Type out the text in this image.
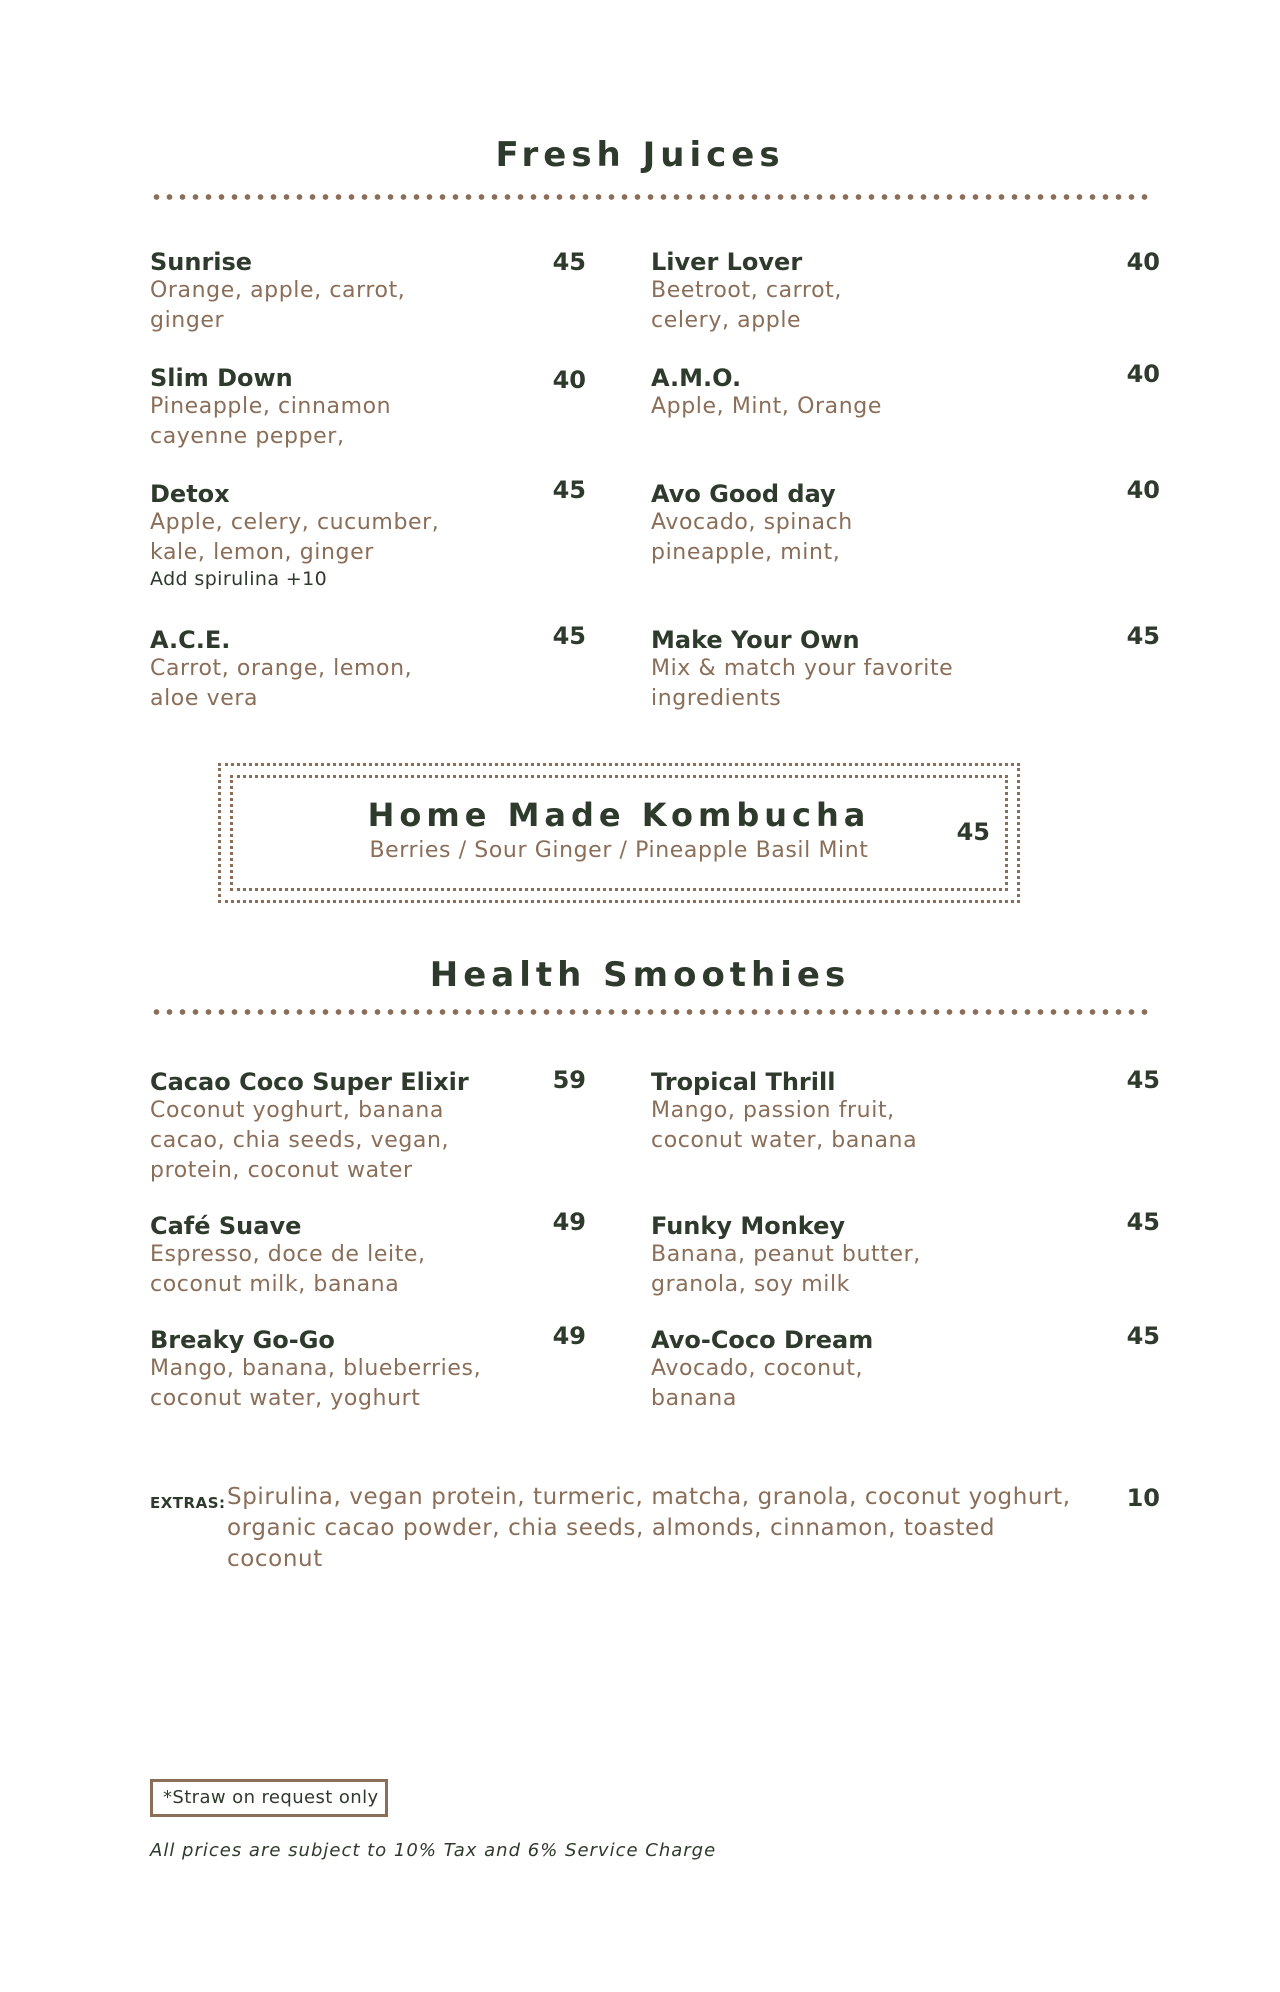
Fresh Juices
Sunrise
Orange, apple, carrot,
ginger
45	Liver Lover
Beetroot, carrot,
celery, apple
40
Slim Down
Pineapple, cinnamon
cayenne pepper,
40	A.M.O.
Apple, Mint, Orange
40
Detox
Apple, celery, cucumber,
kale, lemon, ginger
Add spirulina +10
45	Avo Good day
Avocado, spinach
pineapple, mint,
40
A.C.E.
Carrot, orange, lemon,
aloe vera
45	Make Your Own
Mix & match your favorite
ingredients
45
Home Made Kombucha
Berries / Sour Ginger / Pineapple Basil Mint
45
Health Smoothies
Cacao Coco Super Elixir
Coconut yoghurt, banana
cacao, chia seeds, vegan,
protein, coconut water
59	Tropical Thrill
Mango, passion fruit,
coconut water, banana
45
Café Suave
Espresso, doce de leite,
coconut milk, banana
49	Funky Monkey
Banana, peanut butter,
granola, soy milk
45
Breaky Go-Go
Mango, banana, blueberries,
coconut water, yoghurt
49	Avo-Coco Dream
Avocado, coconut,
banana
45
EXTRAS: Spirulina, vegan protein, turmeric, matcha, granola, coconut yoghurt,
organic cacao powder, chia seeds, almonds, cinnamon, toasted coconut
10
*Straw on request only
All prices are subject to 10% Tax and 6% Service Charge
